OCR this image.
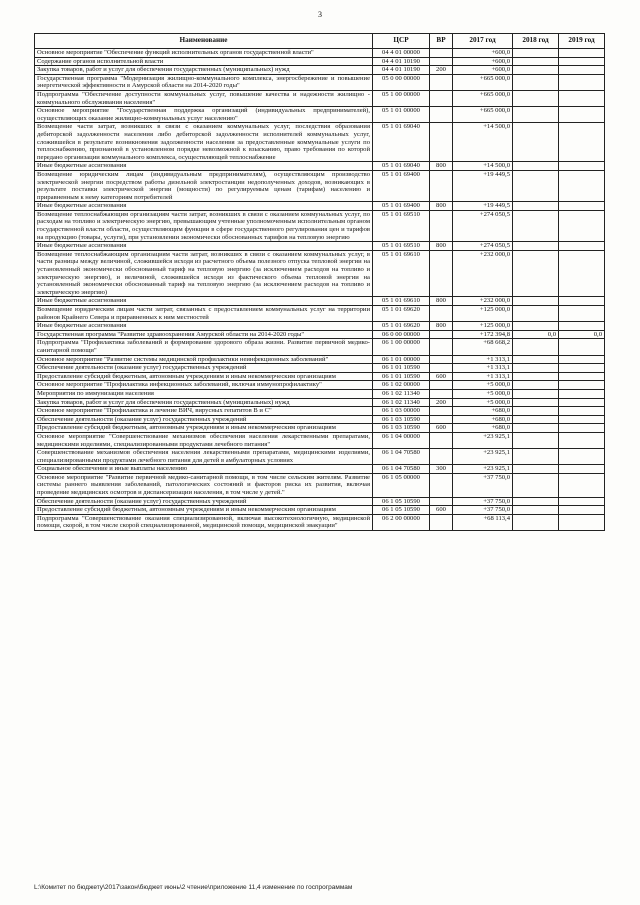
3
Наименование	ЦСР	ВР	2017 год	2018 год	2019 год
Основное мероприятие "Обеспечение функций исполнительных органов государственной власти"	04 4 01 00000		+600,0		
Содержание органов исполнительной власти	04 4 01 10190		+600,0		
Закупка товаров, работ и услуг для обеспечения государственных (муниципальных) нужд	04 4 01 10190	200	+600,0		
Государственная программа "Модернизация жилищно-коммунального комплекса, энергосбережение и повышение энергетической эффективности в Амурской области на 2014-2020 годы"	05 0 00 00000		+665 000,0		
Подпрограмма "Обеспечение доступности коммунальных услуг, повышение качества и надежности жилищно - коммунального обслуживания населения"	05 1 00 00000		+665 000,0		
Основное мероприятие "Государственная поддержка организаций (индивидуальных предпринимателей), осуществляющих оказание жилищно-коммунальных услуг населению"	05 1 01 00000		+665 000,0		
Возмещение части затрат, возникших в связи с оказанием коммунальных услуг, последствия образования дебиторской задолженности населения либо дебиторской задолженности исполнителей коммунальных услуг, сложившейся в результате возникновения задолженности населения за предоставленные коммунальные услуги по теплоснабжению, признанной в установленном порядке невозможной к взысканию, право требования по которой передано организации коммунального комплекса, осуществляющей теплоснабжение	05 1 01 69040		+14 500,0		
Иные бюджетные ассигнования	05 1 01 69040	800	+14 500,0		
Возмещение юридическим лицам (индивидуальным предпринимателям), осуществляющим производство электрической энергии посредством работы дизельной электростанции недополученных доходов, возникающих в результате поставки электрической энергии (мощности) по регулируемым ценам (тарифам) населению и приравненным к нему категориям потребителей	05 1 01 69400		+19 449,5		
Иные бюджетные ассигнования	05 1 01 69400	800	+19 449,5		
Возмещение теплоснабжающим организациям части затрат, возникших в связи с оказанием коммунальных услуг, по расходам на топливо и электрическую энергию, превышающим учтенные уполномоченным исполнительным органом государственной власти области, осуществляющим функции в сфере государственного регулирования цен и тарифов на продукцию (товары, услуги), при установлении экономически обоснованных тарифов на тепловую энергию	05 1 01 69510		+274 050,5		
Иные бюджетные ассигнования	05 1 01 69510	800	+274 050,5		
Возмещение теплоснабжающим организациям части затрат, возникших в связи с оказанием коммунальных услуг, в части разницы между величиной, сложившейся исходя из расчетного объема полезного отпуска тепловой энергии на установленный экономически обоснованный тариф на тепловую энергию (за исключением расходов на топливо и электрическую энергию), и величиной, сложившейся исходя из фактического объема тепловой энергии на установленный экономически обоснованный тариф на тепловую энергию (за исключением расходов на топливо и электрическую энергию)	05 1 01 69610		+232 000,0		
Иные бюджетные ассигнования	05 1 01 69610	800	+232 000,0		
Возмещение юридическим лицам части затрат, связанных с предоставлением коммунальных услуг на территории районов Крайнего Севера и приравненных к ним местностей	05 1 01 69620		+125 000,0		
Иные бюджетные ассигнования	05 1 01 69620	800	+125 000,0		
Государственная программа "Развитие здравоохранения Амурской области на 2014-2020 годы"	06 0 00 00000		+172 394,8	0,0	0,0
Подпрограмма "Профилактика заболеваний и формирование здорового образа жизни. Развитие первичной медико-санитарной помощи"	06 1 00 00000		+68 668,2		
Основное мероприятие "Развитие системы медицинской профилактики неинфекционных заболеваний"	06 1 01 00000		+1 313,1		
Обеспечение деятельности (оказание услуг) государственных учреждений	06 1 01 10590		+1 313,1		
Предоставление субсидий бюджетным, автономным учреждениям и иным некоммерческим организациям	06 1 01 10590	600	+1 313,1		
Основное мероприятие "Профилактика инфекционных заболеваний, включая иммунопрофилактику"	06 1 02 00000		+5 000,0		
Мероприятия по иммунизации населения	06 1 02 11340		+5 000,0		
Закупка товаров, работ и услуг для обеспечения государственных (муниципальных) нужд	06 1 02 11340	200	+5 000,0		
Основное мероприятие "Профилактика и лечение ВИЧ, вирусных гепатитов В и С"	06 1 03 00000		+680,0		
Обеспечение деятельности (оказание услуг) государственных учреждений	06 1 03 10590		+680,0		
Предоставление субсидий бюджетным, автономным учреждениям и иным некоммерческим организациям	06 1 03 10590	600	+680,0		
Основное мероприятие "Совершенствование механизмов обеспечения населения лекарственными препаратами, медицинскими изделиями, специализированными продуктами лечебного питания"	06 1 04 00000		+23 925,1		
Совершенствование механизмов обеспечения населения лекарственными препаратами, медицинскими изделиями, специализированными продуктами лечебного питания для детей в амбулаторных условиях	06 1 04 70580		+23 925,1		
Социальное обеспечение и иные выплаты населению	06 1 04 70580	300	+23 925,1		
Основное мероприятие "Развитие первичной медико-санитарной помощи, в том числе сельским жителям. Развитие системы раннего выявления заболеваний, патологических состояний и факторов риска их развития, включая проведение медицинских осмотров и диспансеризации населения, в том числе у детей."	06 1 05 00000		+37 750,0		
Обеспечение деятельности (оказание услуг) государственных учреждений	06 1 05 10590		+37 750,0		
Предоставление субсидий бюджетным, автономным учреждениям и иным некоммерческим организациям	06 1 05 10590	600	+37 750,0		
Подпрограмма "Совершенствование оказания специализированной, включая высокотехнологичную, медицинской помощи, скорой, в том числе скорой специализированной, медицинской помощи, медицинской эвакуации"	06 2 00 00000		+68 113,4		
L:\Комитет по бюджету\2017\закон\бюджет июнь\2 чтение\приложение 11,4 изменение по госпрограммам
